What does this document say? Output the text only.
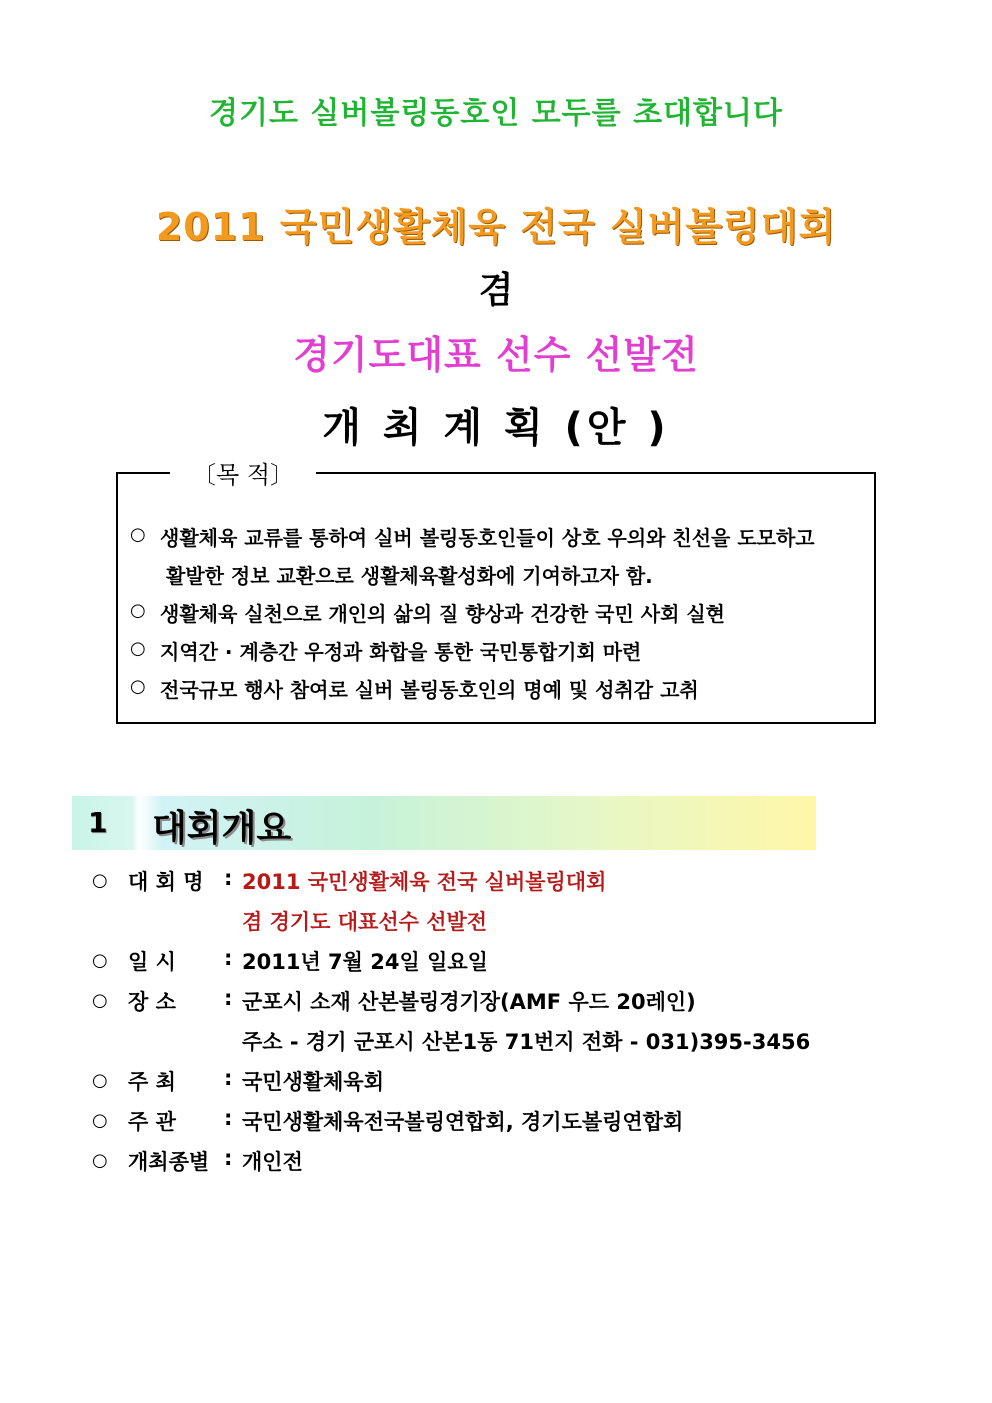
경기도 실버볼링동호인 모두를 초대합니다
2011 국민생활체육 전국 실버볼링대회
겸
경기도대표 선수 선발전
개 최 계 획 (안 )
〔목 적〕
○ 생활체육 교류를 통하여 실버 볼링동호인들이 상호 우의와 친선을 도모하고
활발한 정보 교환으로 생활체육활성화에 기여하고자 함.
○ 생활체육 실천으로 개인의 삶의 질 향상과 건강한 국민 사회 실현
○ 지역간 · 계층간 우정과 화합을 통한 국민통합기회 마련
○ 전국규모 행사 참여로 실버 볼링동호인의 명예 및 성취감 고취
1 대회개요
○ 대 회 명 : 2011 국민생활체육 전국 실버볼링대회
겸 경기도 대표선수 선발전
○ 일 시	: 2011년 7월 24일 일요일
○ 장 소	: 군포시 소재 산본볼링경기장(AMF 우드 20레인)
주소 - 경기 군포시 산본1동 71번지 전화 - 031)395-3456
○ 주 최	: 국민생활체육회
○ 주 관	: 국민생활체육전국볼링연합회, 경기도볼링연합회
○ 개최종별 : 개인전
